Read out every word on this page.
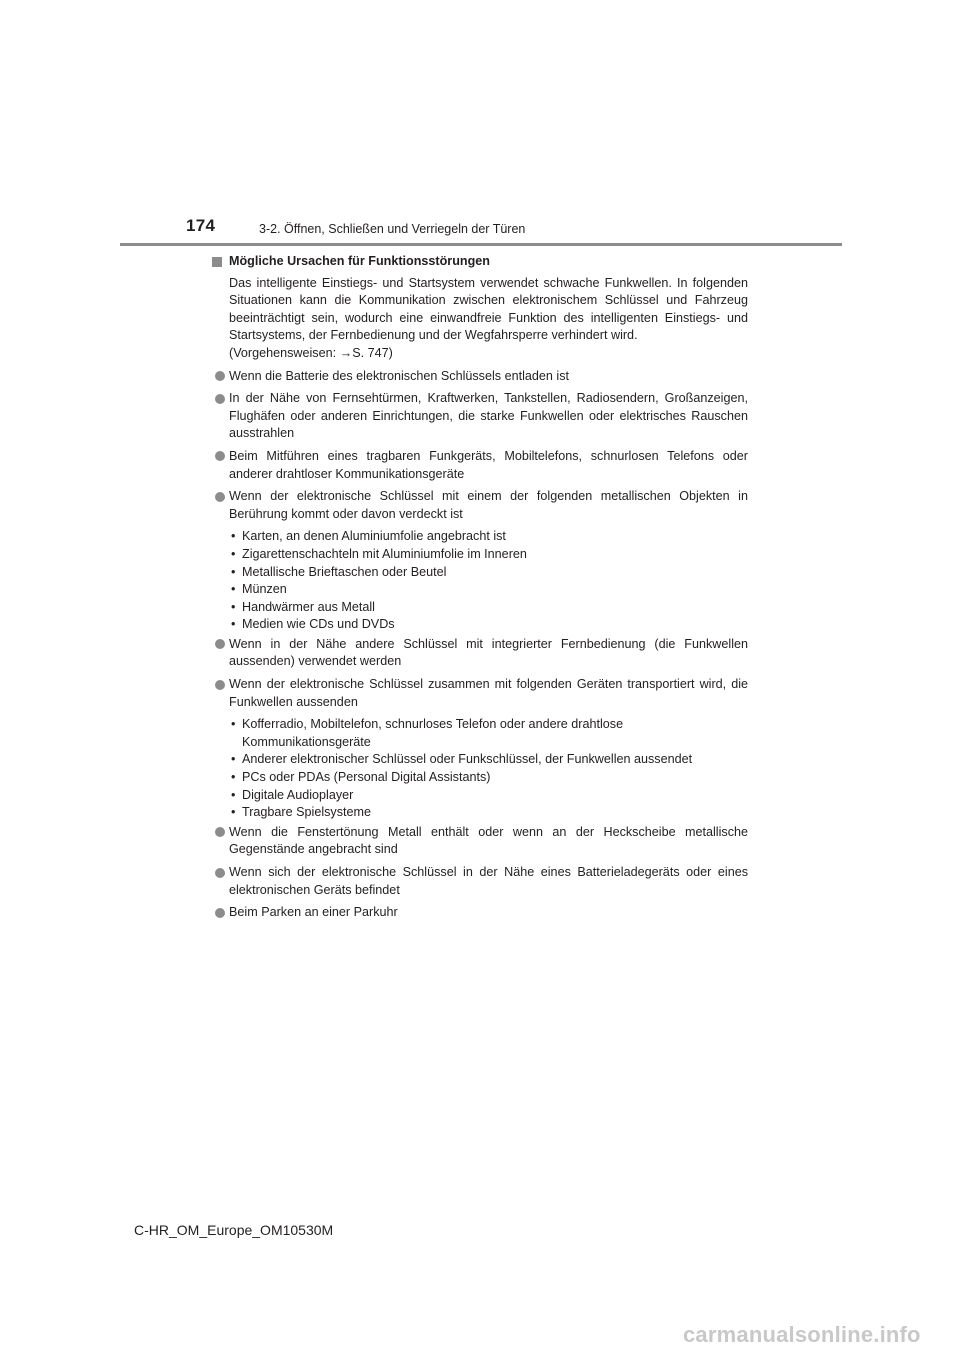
174	3-2. Öffnen, Schließen und Verriegeln der Türen
Mögliche Ursachen für Funktionsstörungen

Das intelligente Einstiegs- und Startsystem verwendet schwache Funkwellen. In folgenden Situationen kann die Kommunikation zwischen elektronischem Schlüssel und Fahrzeug beeinträchtigt sein, wodurch eine einwandfreie Funktion des intelligenten Einstiegs- und Startsystems, der Fernbedienung und der Wegfahrsperre verhindert wird.

(Vorgehensweisen: →S. 747)

Wenn die Batterie des elektronischen Schlüssels entladen ist
In der Nähe von Fernsehtürmen, Kraftwerken, Tankstellen, Radiosendern, Großanzeigen, Flughäfen oder anderen Einrichtungen, die starke Funkwellen oder elektrisches Rauschen ausstrahlen
Beim Mitführen eines tragbaren Funkgeräts, Mobiltelefons, schnurlosen Telefons oder anderer drahtloser Kommunikationsgeräte
Wenn der elektronische Schlüssel mit einem der folgenden metallischen Objekten in Berührung kommt oder davon verdeckt ist
• Karten, an denen Aluminiumfolie angebracht ist
• Zigarettenschachteln mit Aluminiumfolie im Inneren
• Metallische Brieftaschen oder Beutel
• Münzen
• Handwärmer aus Metall
• Medien wie CDs und DVDs
Wenn in der Nähe andere Schlüssel mit integrierter Fernbedienung (die Funkwellen aussenden) verwendet werden
Wenn der elektronische Schlüssel zusammen mit folgenden Geräten transportiert wird, die Funkwellen aussenden
• Kofferradio, Mobiltelefon, schnurloses Telefon oder andere drahtlose Kommunikationsgeräte
• Anderer elektronischer Schlüssel oder Funkschlüssel, der Funkwellen aussendet
• PCs oder PDAs (Personal Digital Assistants)
• Digitale Audioplayer
• Tragbare Spielsysteme
Wenn die Fenstertönung Metall enthält oder wenn an der Heckscheibe metallische Gegenstände angebracht sind
Wenn sich der elektronische Schlüssel in der Nähe eines Batterieladegeräts oder eines elektronischen Geräts befindet
Beim Parken an einer Parkuhr
C-HR_OM_Europe_OM10530M
carmanualsonline.info
